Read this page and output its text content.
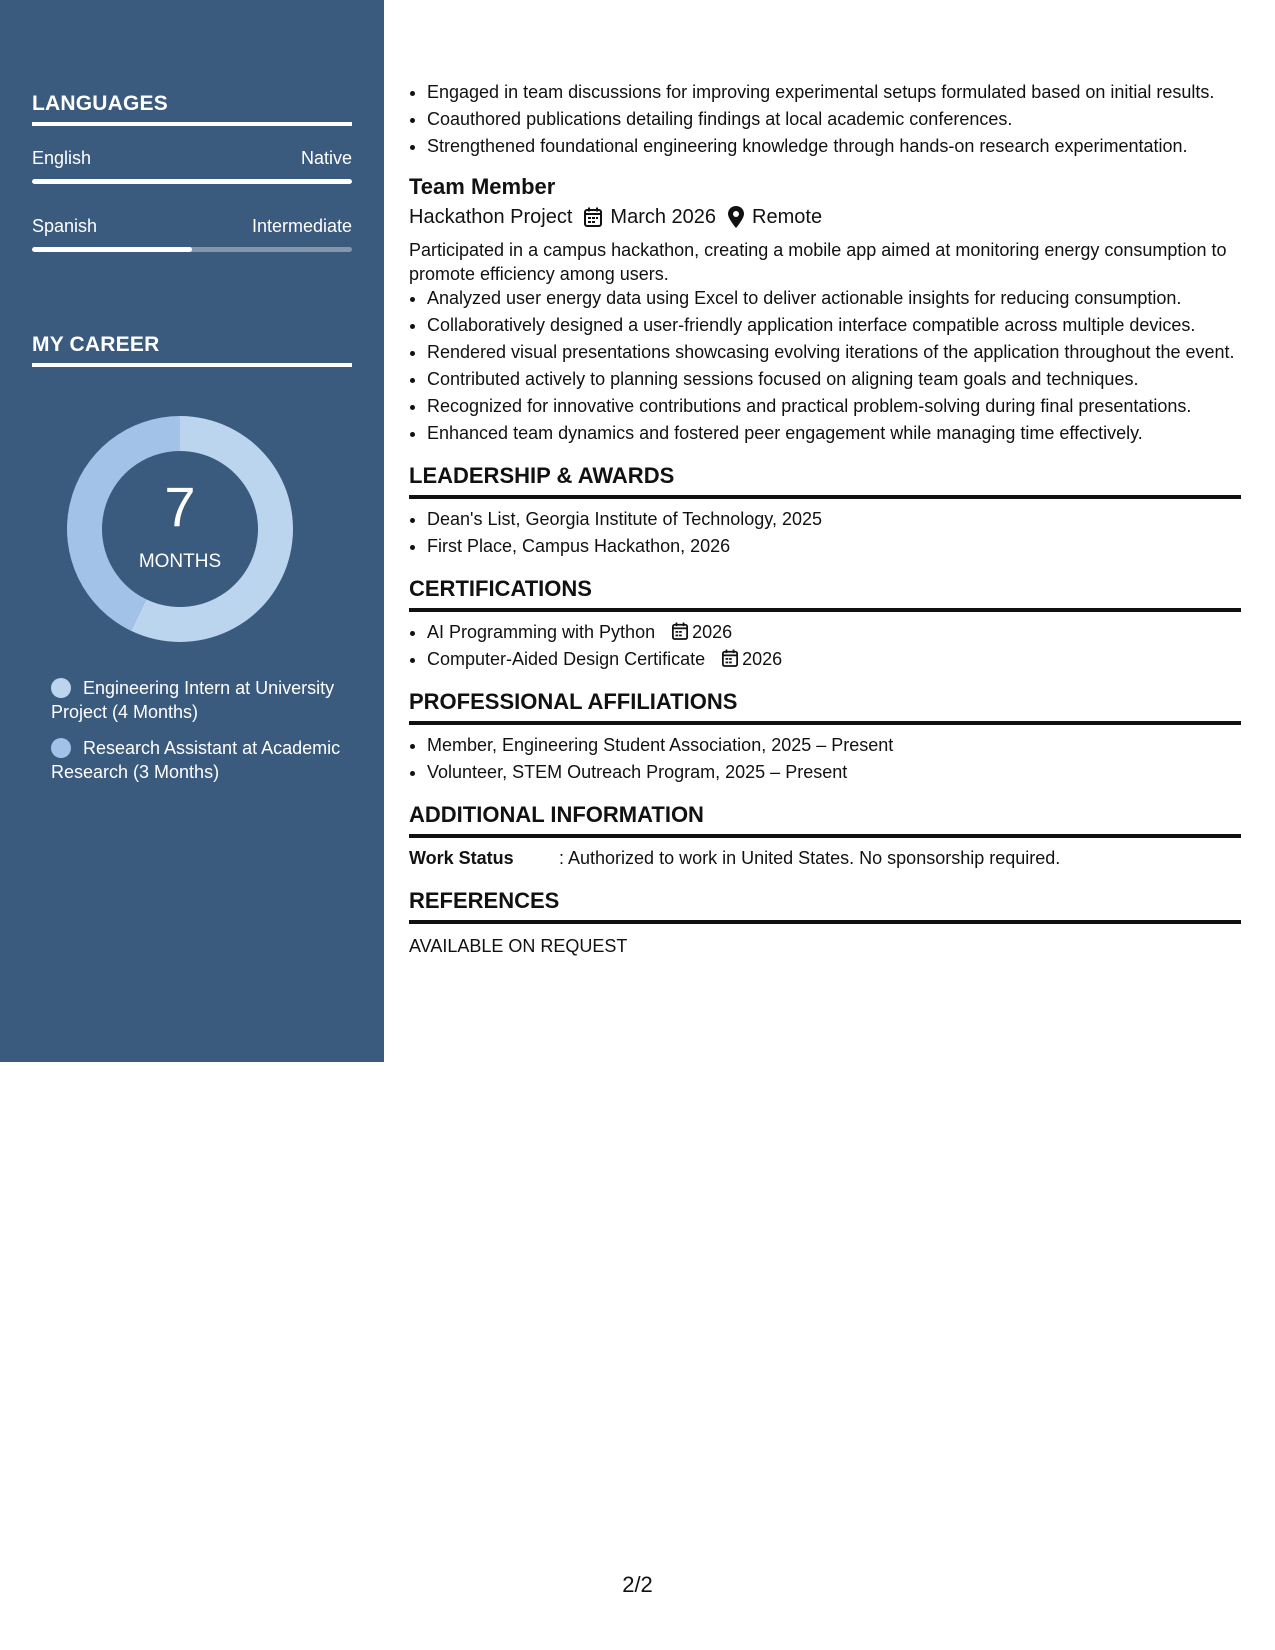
LANGUAGES
English	Native
Spanish	Intermediate
MY CAREER
7
MONTHS
Engineering Intern at University Project (4 Months)
Research Assistant at Academic Research (3 Months)
• Engaged in team discussions for improving experimental setups formulated based on initial results.
• Coauthored publications detailing findings at local academic conferences.
• Strengthened foundational engineering knowledge through hands-on research experimentation.
Team Member
Hackathon Project March 2026 Remote
Participated in a campus hackathon, creating a mobile app aimed at monitoring energy consumption to promote efficiency among users.
• Analyzed user energy data using Excel to deliver actionable insights for reducing consumption.
• Collaboratively designed a user-friendly application interface compatible across multiple devices.
• Rendered visual presentations showcasing evolving iterations of the application throughout the event.
• Contributed actively to planning sessions focused on aligning team goals and techniques.
• Recognized for innovative contributions and practical problem-solving during final presentations.
• Enhanced team dynamics and fostered peer engagement while managing time effectively.
LEADERSHIP & AWARDS
• Dean's List, Georgia Institute of Technology, 2025
• First Place, Campus Hackathon, 2026
CERTIFICATIONS
• AI Programming with Python 2026
• Computer-Aided Design Certificate 2026
PROFESSIONAL AFFILIATIONS
• Member, Engineering Student Association, 2025 – Present
• Volunteer, STEM Outreach Program, 2025 – Present
ADDITIONAL INFORMATION
Work Status	: Authorized to work in United States. No sponsorship required.
REFERENCES
AVAILABLE ON REQUEST
2/2
